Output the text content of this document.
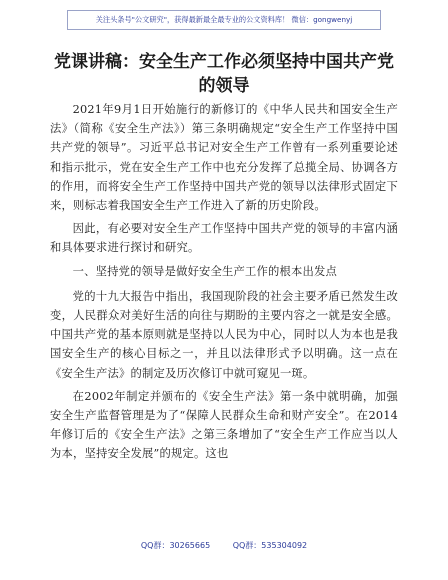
关注头条号"公文研究"，获得最新最全最专业的公文资料库！ 微信：gongwenyj
党课讲稿：安全生产工作必须坚持中国共产党
的领导

2021年9月1日开始施行的新修订的《中华人民共和国安全生产法》（简称《安全生产法》）第三条明确规定“安全生产工作坚持中国共产党的领导”。习近平总书记对安全生产工作曾有一系列重要论述和指示批示，党在安全生产工作中也充分发挥了总揽全局、协调各方的作用，而将安全生产工作坚持中国共产党的领导以法律形式固定下来，则标志着我国安全生产工作进入了新的历史阶段。

因此，有必要对安全生产工作坚持中国共产党的领导的丰富内涵和具体要求进行探讨和研究。

一、坚持党的领导是做好安全生产工作的根本出发点

党的十九大报告中指出，我国现阶段的社会主要矛盾已然发生改变，人民群众对美好生活的向往与期盼的主要内容之一就是安全感。中国共产党的基本原则就是坚持以人民为中心，同时以人为本也是我国安全生产的核心目标之一，并且以法律形式予以明确。这一点在《安全生产法》的制定及历次修订中就可窥见一斑。

在2002年制定并颁布的《安全生产法》第一条中就明确，加强安全生产监督管理是为了“保障人民群众生命和财产安全”。在2014年修订后的《安全生产法》之第三条增加了“安全生产工作应当以人为本，坚持安全发展”的规定。这也

QQ群：30265665	QQ群：535304092
